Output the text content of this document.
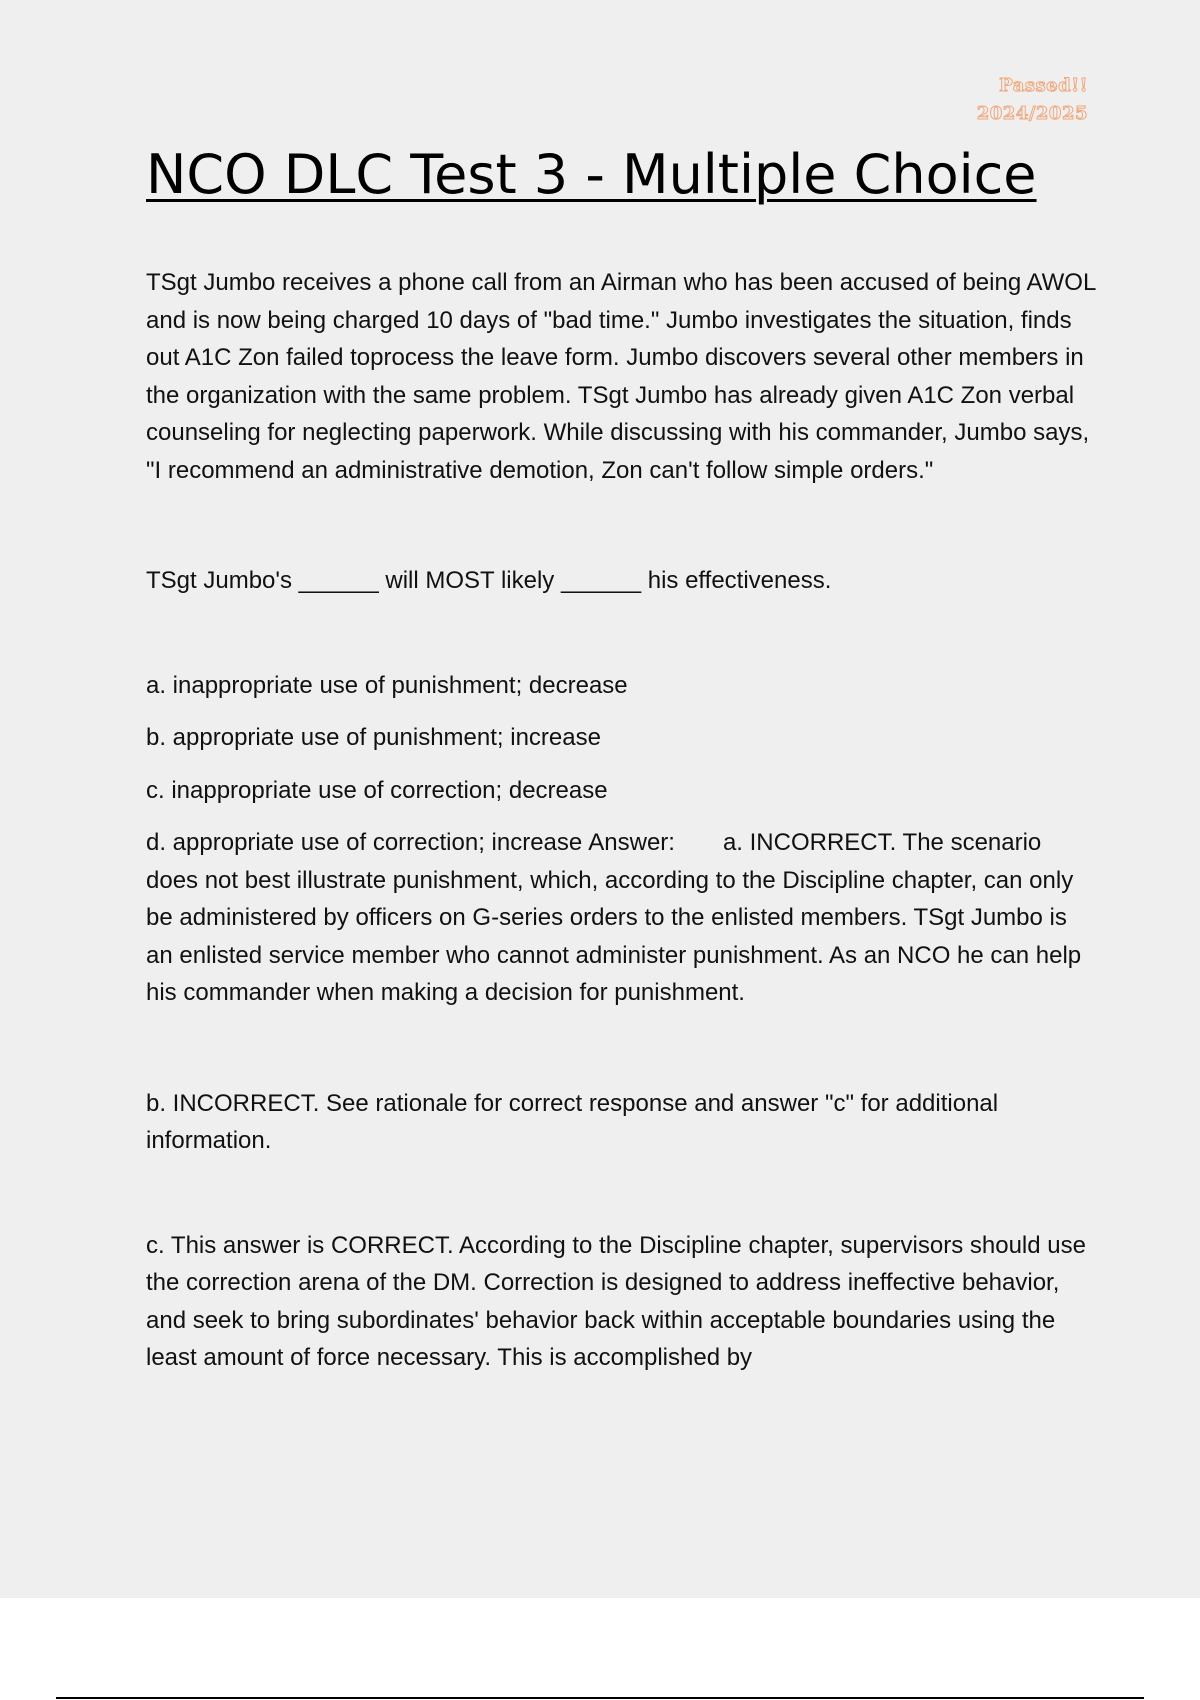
Passed!!
2024/2025
NCO DLC Test 3 - Multiple Choice

TSgt Jumbo receives a phone call from an Airman who has been accused of being AWOL and is now being charged 10 days of "bad time." Jumbo investigates the situation, finds out A1C Zon failed toprocess the leave form. Jumbo discovers several other members in the organization with the same problem. TSgt Jumbo has already given A1C Zon verbal counseling for neglecting paperwork. While discussing with his commander, Jumbo says, "I recommend an administrative demotion, Zon can't follow simple orders."

TSgt Jumbo's ______ will MOST likely ______ his effectiveness.

a. inappropriate use of punishment; decrease

b. appropriate use of punishment; increase

c. inappropriate use of correction; decrease

d. appropriate use of correction; increase Answer: a. INCORRECT. The scenario does not best illustrate punishment, which, according to the Discipline chapter, can only be administered by officers on G-series orders to the enlisted members. TSgt Jumbo is an enlisted service member who cannot administer punishment. As an NCO he can help his commander when making a decision for punishment.

b. INCORRECT. See rationale for correct response and answer "c" for additional information.

c. This answer is CORRECT. According to the Discipline chapter, supervisors should use the correction arena of the DM. Correction is designed to address ineffective behavior, and seek to bring subordinates' behavior back within acceptable boundaries using the least amount of force necessary. This is accomplished by
